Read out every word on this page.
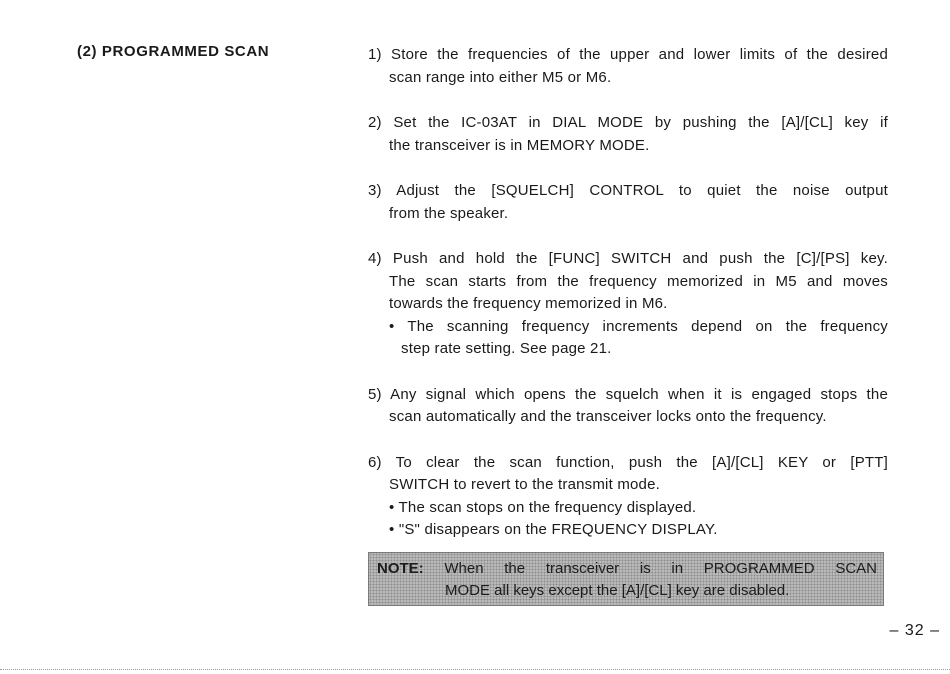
(2) PROGRAMMED SCAN	1) Store the frequencies of the upper and lower limits of the desired
scan range into either M5 or M6.
2) Set the IC-03AT in DIAL MODE by pushing the [A]/[CL] key if
the transceiver is in MEMORY MODE.
3) Adjust the [SQUELCH] CONTROL to quiet the noise output
from the speaker.
4) Push and hold the [FUNC] SWITCH and push the [C]/[PS] key.
The scan starts from the frequency memorized in M5 and moves
towards the frequency memorized in M6.
• The scanning frequency increments depend on the frequency
step rate setting. See page 21.
5) Any signal which opens the squelch when it is engaged stops the
scan automatically and the transceiver locks onto the frequency.
6) To clear the scan function, push the [A]/[CL] KEY or [PTT]
SWITCH to revert to the transmit mode.
• The scan stops on the frequency displayed.
• "S" disappears on the FREQUENCY DISPLAY.
NOTE: When the transceiver is in PROGRAMMED SCAN
MODE all keys except the [A]/[CL] key are disabled.
– 32 –
